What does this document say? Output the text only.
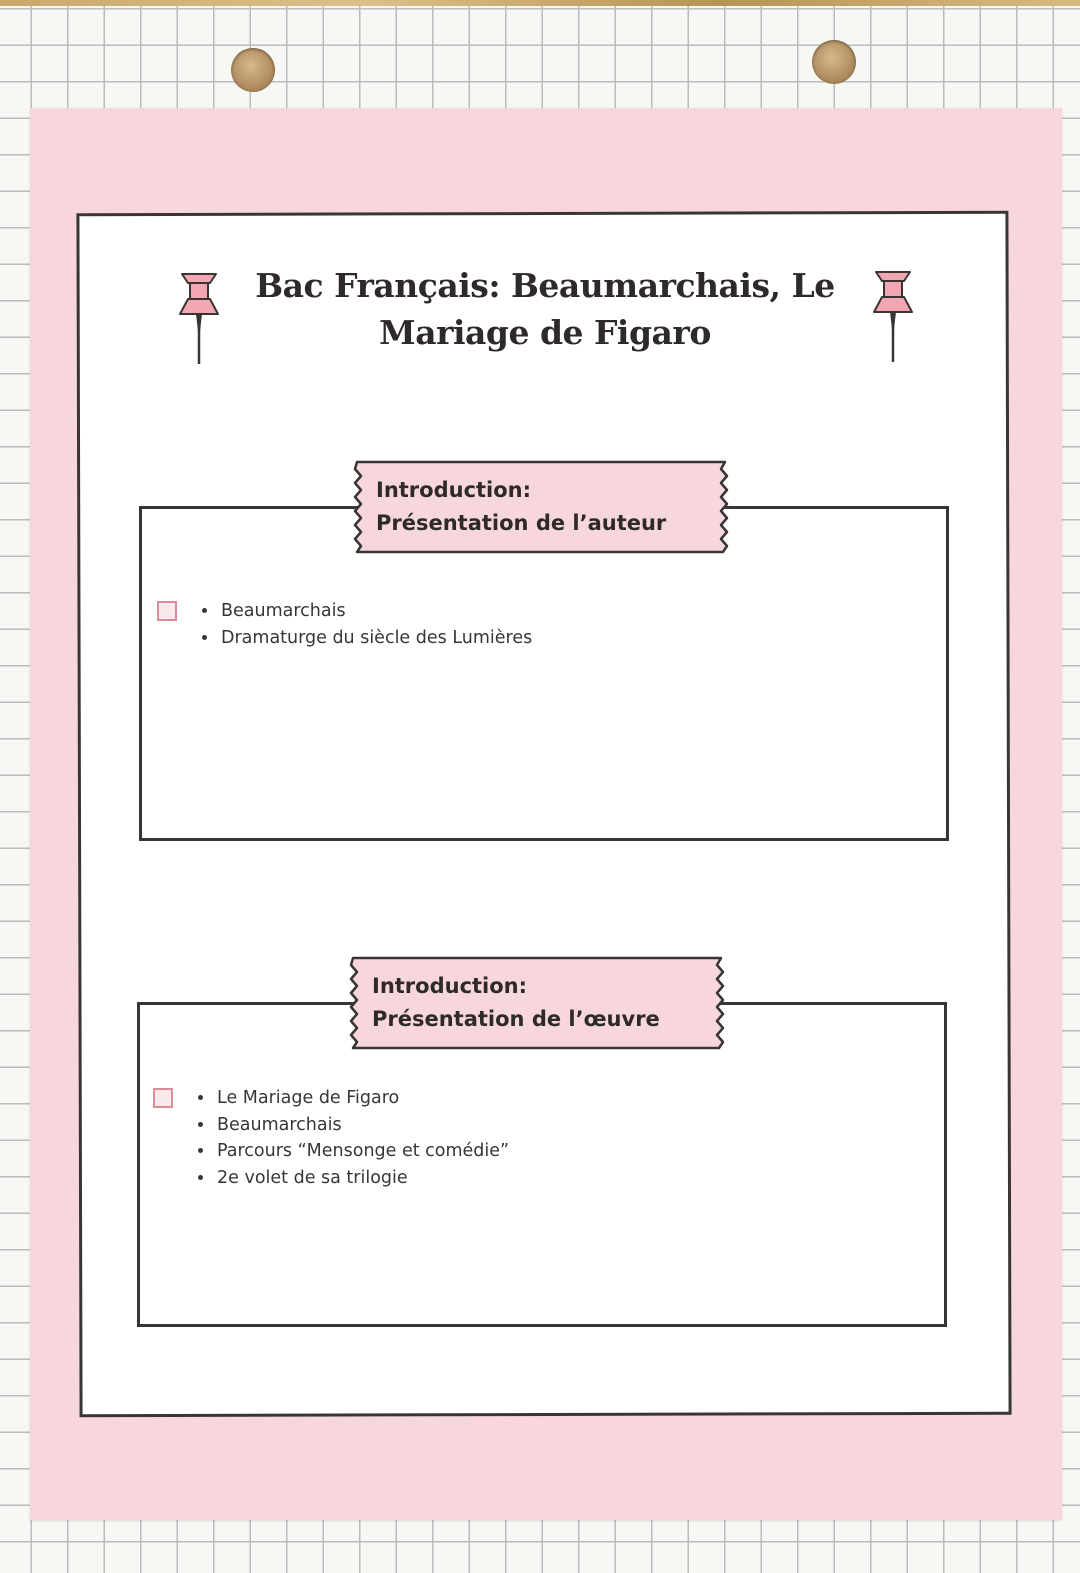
Bac Français: Beaumarchais, Le
Mariage de Figaro
Introduction:
Présentation de l’auteur
• Beaumarchais
• Dramaturge du siècle des Lumières
Introduction:
Présentation de l’œuvre
• Le Mariage de Figaro
• Beaumarchais
• Parcours “Mensonge et comédie”
• 2e volet de sa trilogie
